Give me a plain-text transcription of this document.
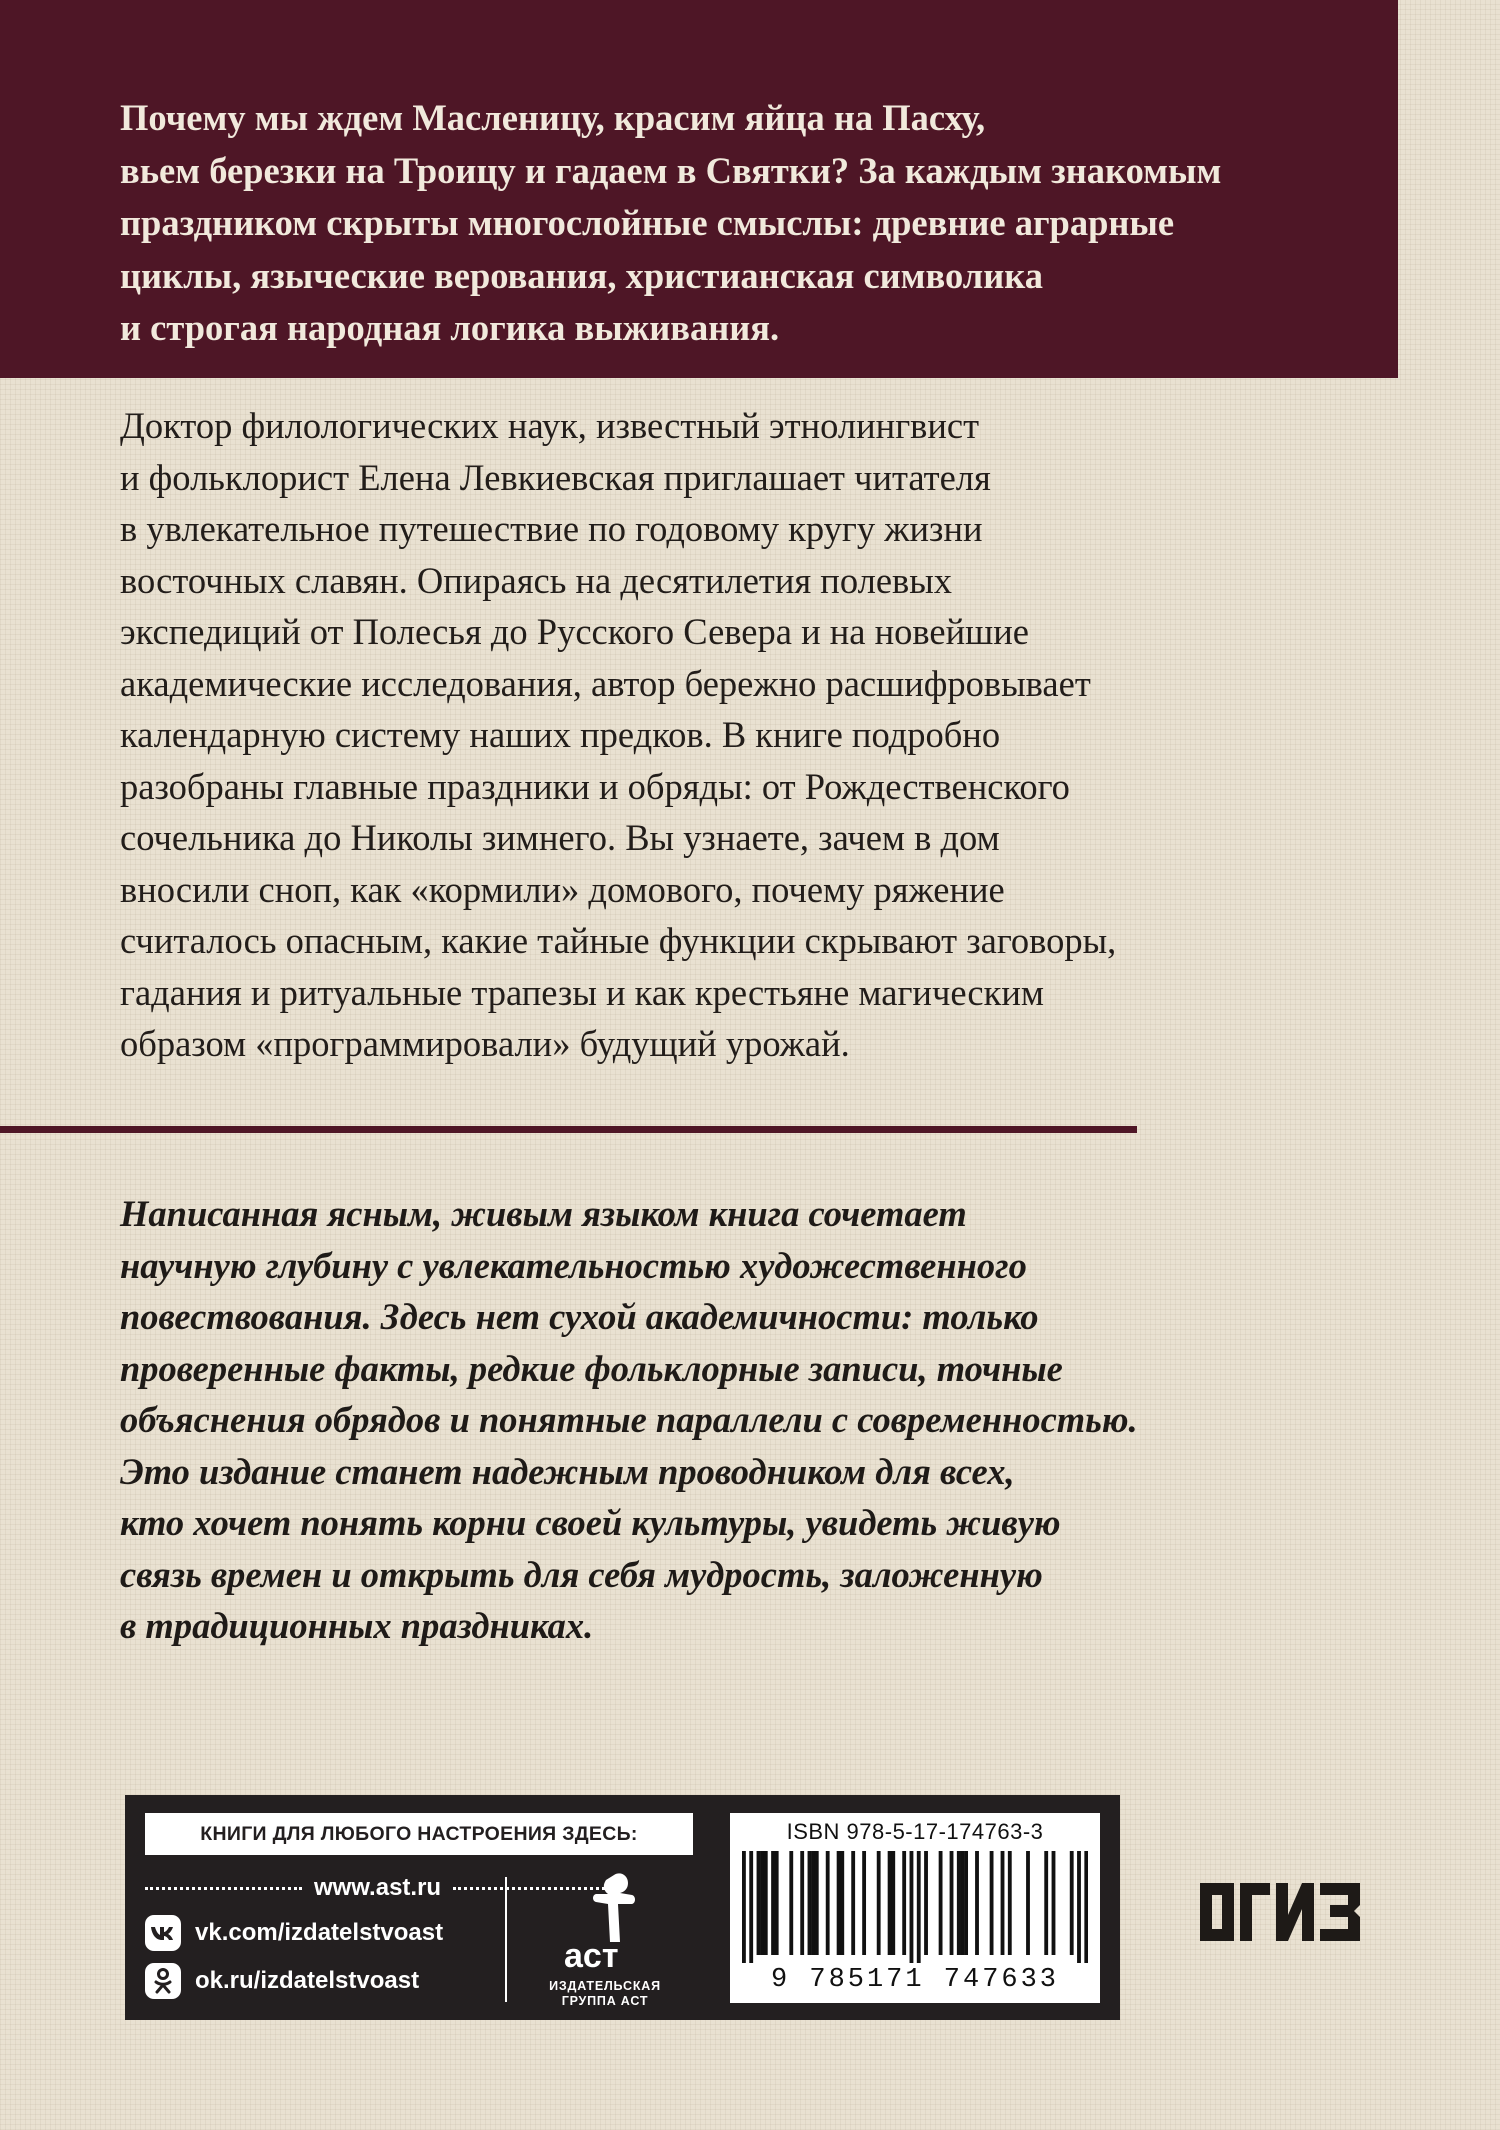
Почему мы ждем Масленицу, красим яйца на Пасху,
вьем березки на Троицу и гадаем в Святки? За каждым знакомым
праздником скрыты многослойные смыслы: древние аграрные
циклы, языческие верования, христианская символика
и строгая народная логика выживания.

Доктор филологических наук, известный этнолингвист
и фольклорист Елена Левкиевская приглашает читателя
в увлекательное путешествие по годовому кругу жизни
восточных славян. Опираясь на десятилетия полевых
экспедиций от Полесья до Русского Севера и на новейшие
академические исследования, автор бережно расшифровывает
календарную систему наших предков. В книге подробно
разобраны главные праздники и обряды: от Рождественского
сочельника до Николы зимнего. Вы узнаете, зачем в дом
вносили сноп, как «кормили» домового, почему ряжение
считалось опасным, какие тайные функции скрывают заговоры,
гадания и ритуальные трапезы и как крестьяне магическим
образом «программировали» будущий урожай.

Написанная ясным, живым языком книга сочетает
научную глубину с увлекательностью художественного
повествования. Здесь нет сухой академичности: только
проверенные факты, редкие фольклорные записи, точные
объяснения обрядов и понятные параллели с современностью.
Это издание станет надежным проводником для всех,
кто хочет понять корни своей культуры, увидеть живую
связь времен и открыть для себя мудрость, заложенную
в традиционных праздниках.

КНИГИ ДЛЯ ЛЮБОГО НАСТРОЕНИЯ ЗДЕСЬ:
www.ast.ru
vk.com/izdatelstvoast
ok.ru/izdatelstvoast
аст
ИЗДАТЕЛЬСКАЯ
ГРУППА АСТ
ISBN 978-5-17-174763-3
9 785171 747633
ОГИЗ
